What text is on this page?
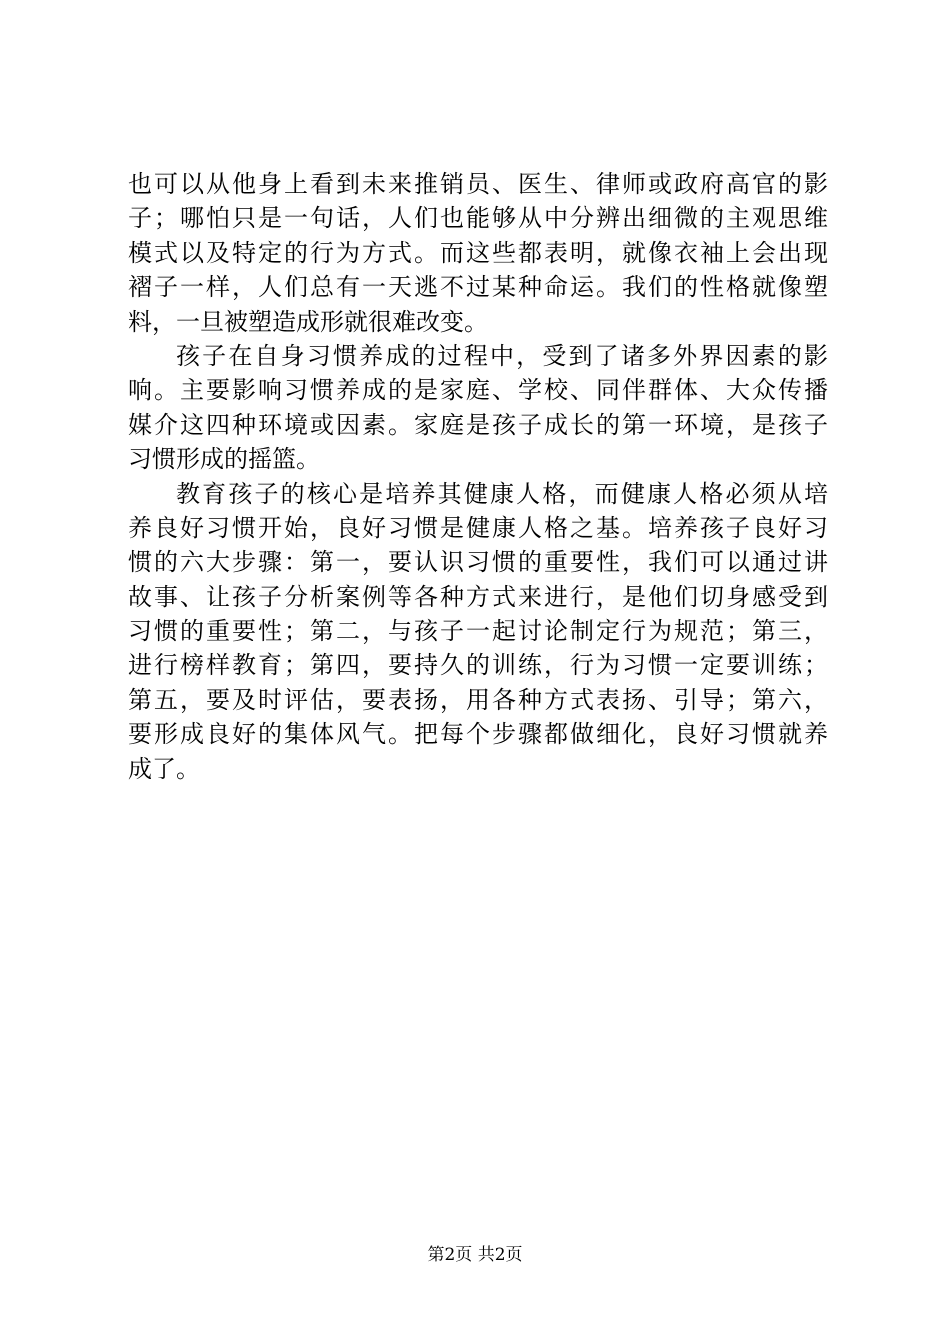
也可以从他身上看到未来推销员、医生、律师或政府高官的影
子；哪怕只是一句话，人们也能够从中分辨出细微的主观思维
模式以及特定的行为方式。而这些都表明，就像衣袖上会出现
褶子一样，人们总有一天逃不过某种命运。我们的性格就像塑
料，一旦被塑造成形就很难改变。
孩子在自身习惯养成的过程中，受到了诸多外界因素的影
响。主要影响习惯养成的是家庭、学校、同伴群体、大众传播
媒介这四种环境或因素。家庭是孩子成长的第一环境，是孩子
习惯形成的摇篮。
教育孩子的核心是培养其健康人格，而健康人格必须从培
养良好习惯开始，良好习惯是健康人格之基。培养孩子良好习
惯的六大步骤：第一，要认识习惯的重要性，我们可以通过讲
故事、让孩子分析案例等各种方式来进行，是他们切身感受到
习惯的重要性；第二，与孩子一起讨论制定行为规范；第三，
进行榜样教育；第四，要持久的训练，行为习惯一定要训练；
第五，要及时评估，要表扬，用各种方式表扬、引导；第六，
要形成良好的集体风气。把每个步骤都做细化，良好习惯就养
成了。
第2页 共2页
